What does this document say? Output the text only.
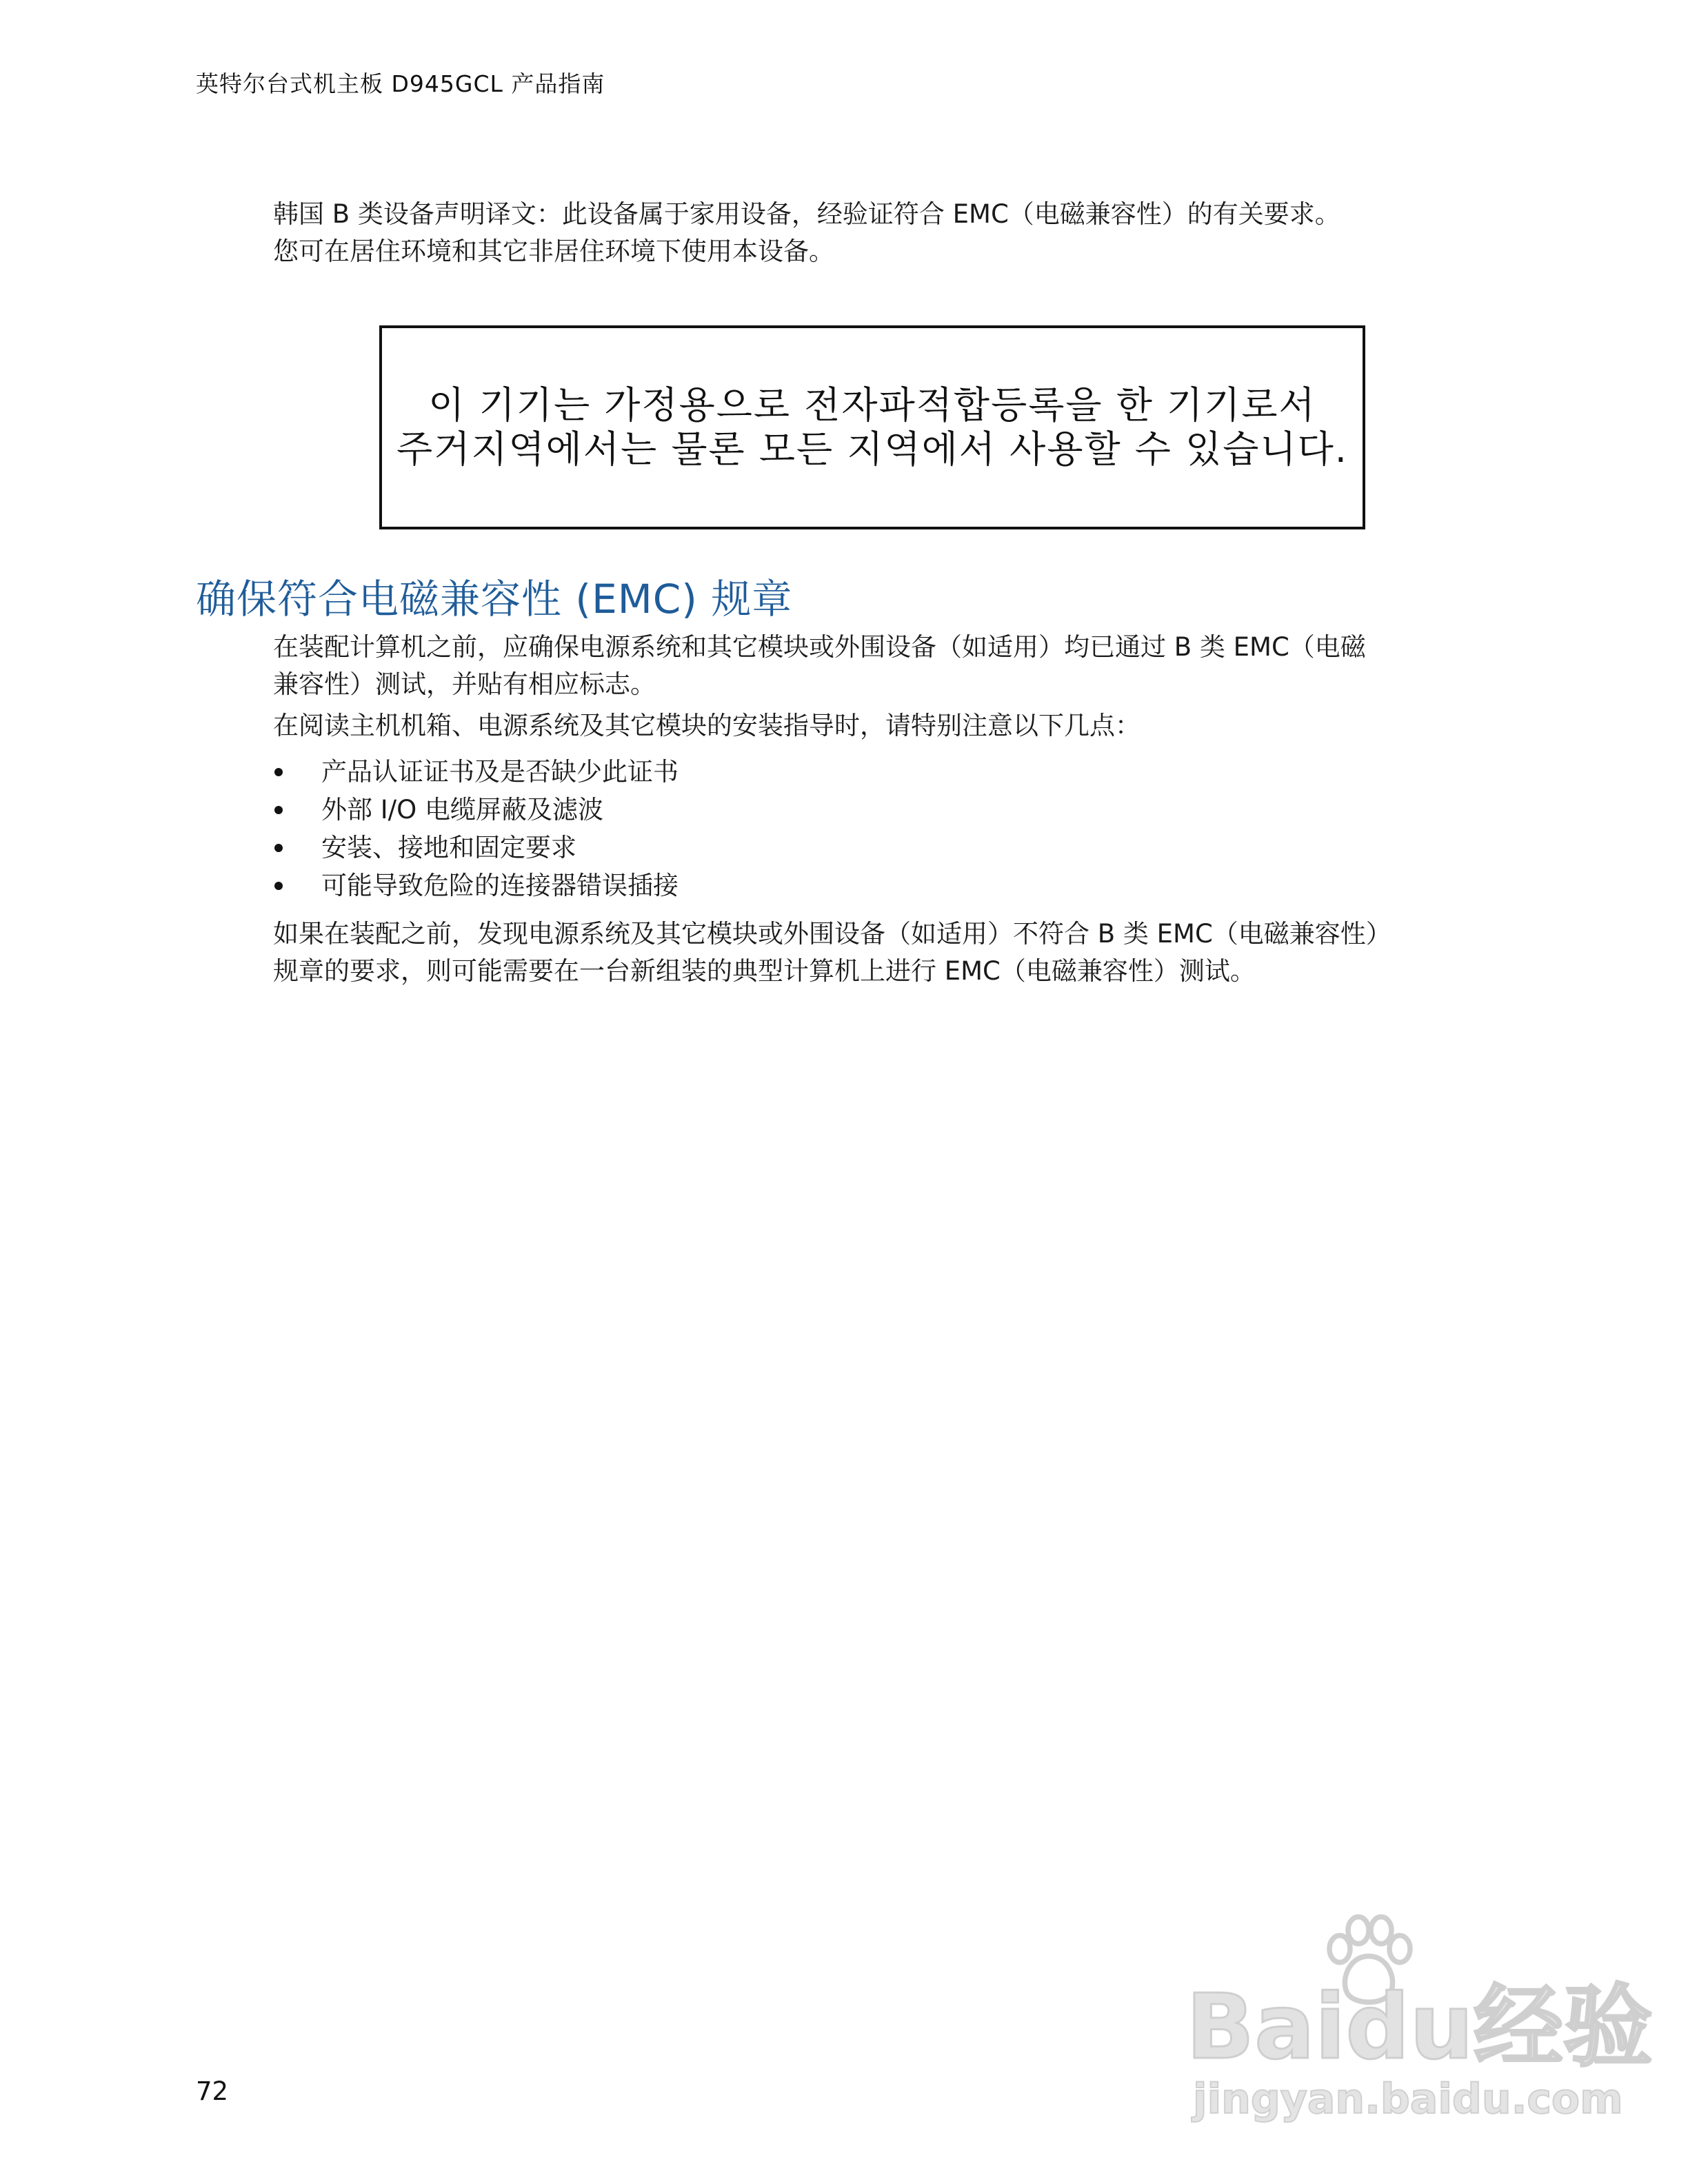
英特尔台式机主板 D945GCL 产品指南

韩国 B 类设备声明译文：此设备属于家用设备，经验证符合 EMC（电磁兼容性）的有关要求。

您可在居住环境和其它非居住环境下使用本设备。

이 기기는 가정용으로 전자파적합등록을 한 기기로서
주거지역에서는 물론 모든 지역에서 사용할 수 있습니다.
确保符合电磁兼容性 (EMC) 规章

在装配计算机之前，应确保电源系统和其它模块或外围设备（如适用）均已通过 B 类 EMC（电磁

兼容性）测试，并贴有相应标志。

在阅读主机机箱、电源系统及其它模块的安装指导时，请特别注意以下几点：

产品认证证书及是否缺少此证书
外部 I/O 电缆屏蔽及滤波
安装、接地和固定要求
可能导致危险的连接器错误插接

如果在装配之前，发现电源系统及其它模块或外围设备（如适用）不符合 B 类 EMC（电磁兼容性）

规章的要求，则可能需要在一台新组装的典型计算机上进行 EMC（电磁兼容性）测试。

72
Baidu经验
jingyan.baidu.com
